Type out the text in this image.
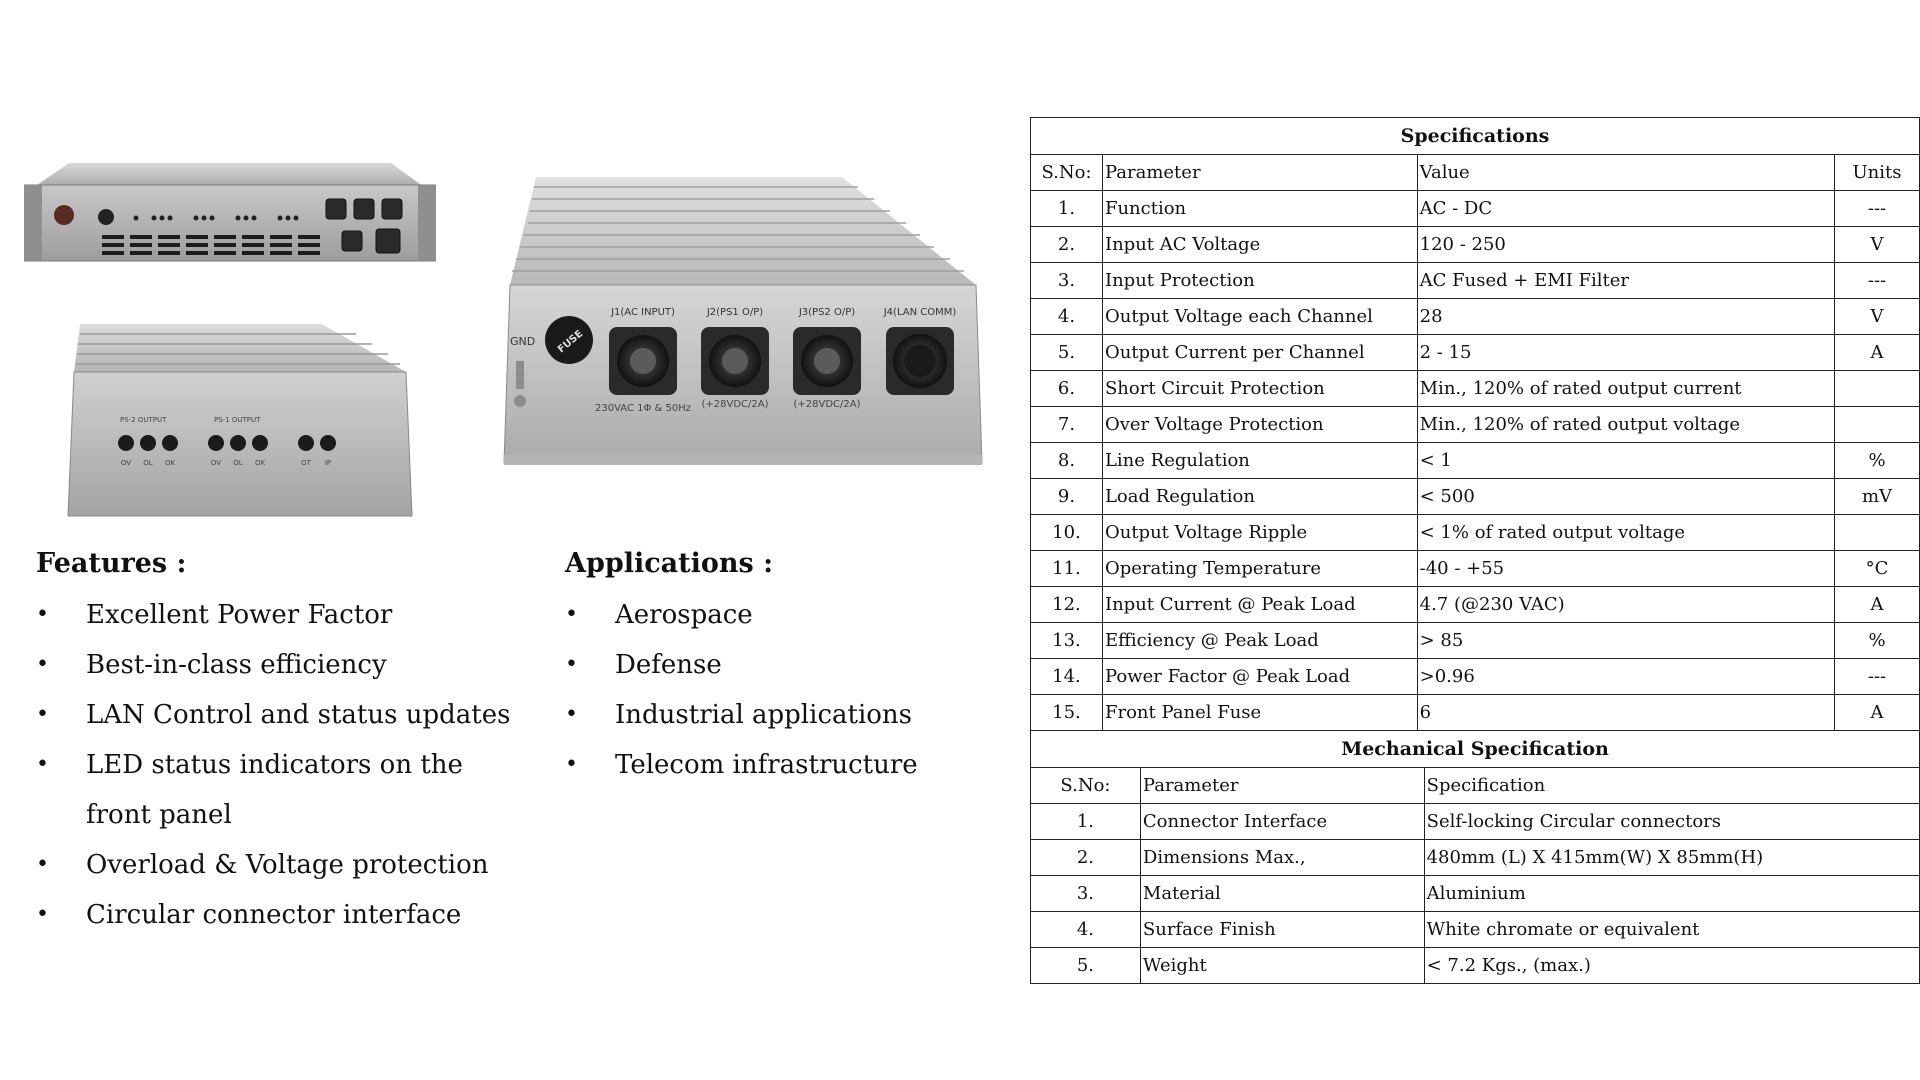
PS-2 OUTPUT	PS-1 OUTPUT
OV OL OK	OV OL OK	OT IP
GND FUSE
J1(AC INPUT)	J2(PS1 O/P)	J3(PS2 O/P)	J4(LAN COMM)
230VAC 1Φ & 50Hz (+28VDC/2A) (+28VDC/2A)
Features :
• Excellent Power Factor
• Best-in-class efficiency
• LAN Control and status updates
• LED status indicators on the front panel
• Overload & Voltage protection
• Circular connector interface
Applications :
• Aerospace
• Defense
• Industrial applications
• Telecom infrastructure
Specifications			
S.No:	Parameter	Value	Units
1.	Function	AC - DC	---
2.	Input AC Voltage	120 - 250	V
3.	Input Protection	AC Fused + EMI Filter	---
4.	Output Voltage each Channel	28	V
5.	Output Current per Channel	2 - 15	A
6.	Short Circuit Protection	Min., 120% of rated output current	
7.	Over Voltage Protection	Min., 120% of rated output voltage	
8.	Line Regulation	< 1	%
9.	Load Regulation	< 500	mV
10.	Output Voltage Ripple	< 1% of rated output voltage	
11.	Operating Temperature	-40 - +55	°C
12.	Input Current @ Peak Load	4.7 (@230 VAC)	A
13.	Efficiency @ Peak Load	> 85	%
14.	Power Factor @ Peak Load	>0.96	---
15.	Front Panel Fuse	6	A
Mechanical Specification		
S.No:	Parameter	Specification
1.	Connector Interface	Self-locking Circular connectors
2.	Dimensions Max.,	480mm (L) X 415mm(W) X 85mm(H)
3.	Material	Aluminium
4.	Surface Finish	White chromate or equivalent
5.	Weight	< 7.2 Kgs., (max.)
